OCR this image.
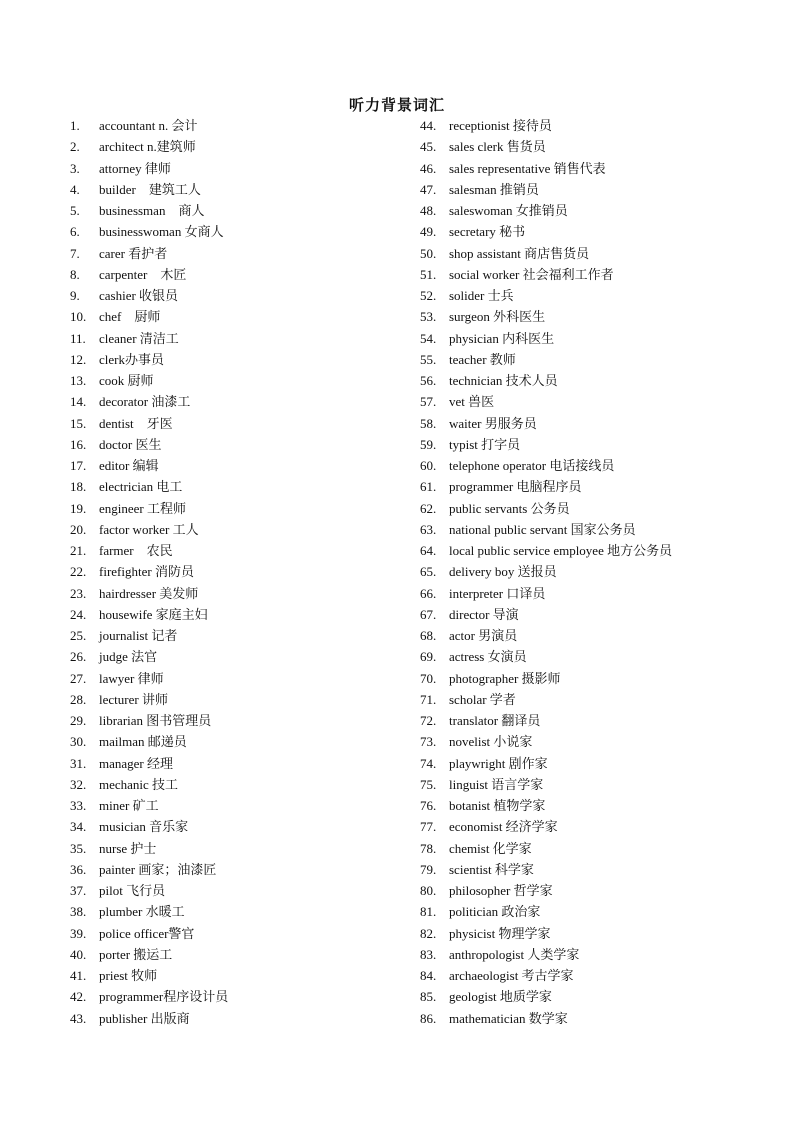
听力背景词汇
1. accountant n. 会计
2. architect n.建筑师
3. attorney 律师
4. builder　建筑工人
5. businessman　商人
6. businesswoman 女商人
7. carer 看护者
8. carpenter　木匠
9. cashier 收银员
10. chef　厨师
11. cleaner 清洁工
12. clerk办事员
13. cook 厨师
14. decorator 油漆工
15. dentist　牙医
16. doctor 医生
17. editor 编辑
18. electrician 电工
19. engineer 工程师
20. factor worker 工人
21. farmer　农民
22. firefighter 消防员
23. hairdresser 美发师
24. housewife 家庭主妇
25. journalist 记者
26. judge 法官
27. lawyer 律师
28. lecturer 讲师
29. librarian 图书管理员
30. mailman 邮递员
31. manager 经理
32. mechanic 技工
33. miner 矿工
34. musician 音乐家
35. nurse 护士
36. painter 画家；油漆匠
37. pilot 飞行员
38. plumber 水暖工
39. police officer警官
40. porter 搬运工
41. priest 牧师
42. programmer程序设计员
43. publisher 出版商
44. receptionist 接待员
45. sales clerk 售货员
46. sales representative 销售代表
47. salesman 推销员
48. saleswoman 女推销员
49. secretary 秘书
50. shop assistant 商店售货员
51. social worker 社会福利工作者
52. solider 士兵
53. surgeon 外科医生
54. physician 内科医生
55. teacher 教师
56. technician 技术人员
57. vet 兽医
58. waiter 男服务员
59. typist 打字员
60. telephone operator 电话接线员
61. programmer 电脑程序员
62. public servants 公务员
63. national public servant 国家公务员
64. local public service employee 地方公务员
65. delivery boy 送报员
66. interpreter 口译员
67. director 导演
68. actor 男演员
69. actress 女演员
70. photographer 摄影师
71. scholar 学者
72. translator 翻译员
73. novelist 小说家
74. playwright 剧作家
75. linguist 语言学家
76. botanist 植物学家
77. economist 经济学家
78. chemist 化学家
79. scientist 科学家
80. philosopher 哲学家
81. politician 政治家
82. physicist 物理学家
83. anthropologist 人类学家
84. archaeologist 考古学家
85. geologist 地质学家
86. mathematician 数学家
